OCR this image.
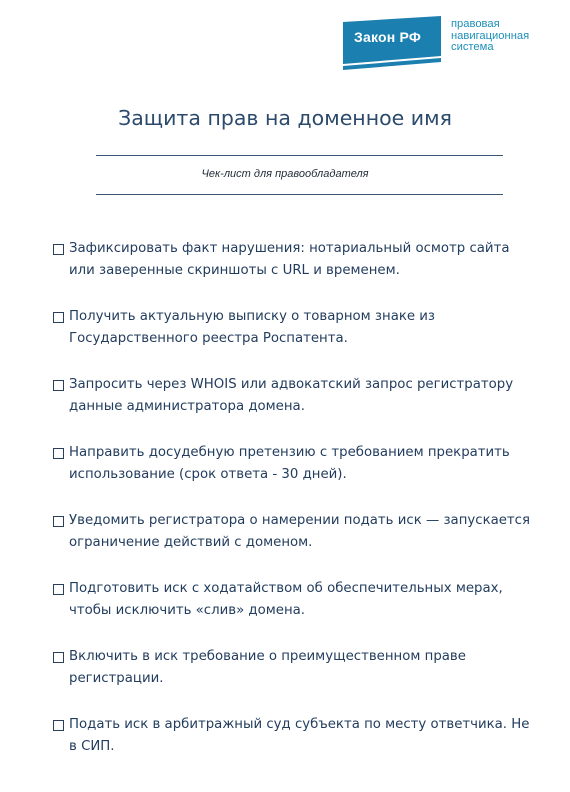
Закон РФ
правовая
навигационная
система
Защита прав на доменное имя
Чек-лист для правообладателя
Зафиксировать факт нарушения: нотариальный осмотр сайта или заверенные скриншоты с URL и временем.
Получить актуальную выписку о товарном знаке из Государственного реестра Роспатента.
Запросить через WHOIS или адвокатский запрос регистратору данные администратора домена.
Направить досудебную претензию с требованием прекратить использование (срок ответа - 30 дней).
Уведомить регистратора о намерении подать иск — запускается ограничение действий с доменом.
Подготовить иск с ходатайством об обеспечительных мерах, чтобы исключить «слив» домена.
Включить в иск требование о преимущественном праве регистрации.
Подать иск в арбитражный суд субъекта по месту ответчика. Не в СИП.
